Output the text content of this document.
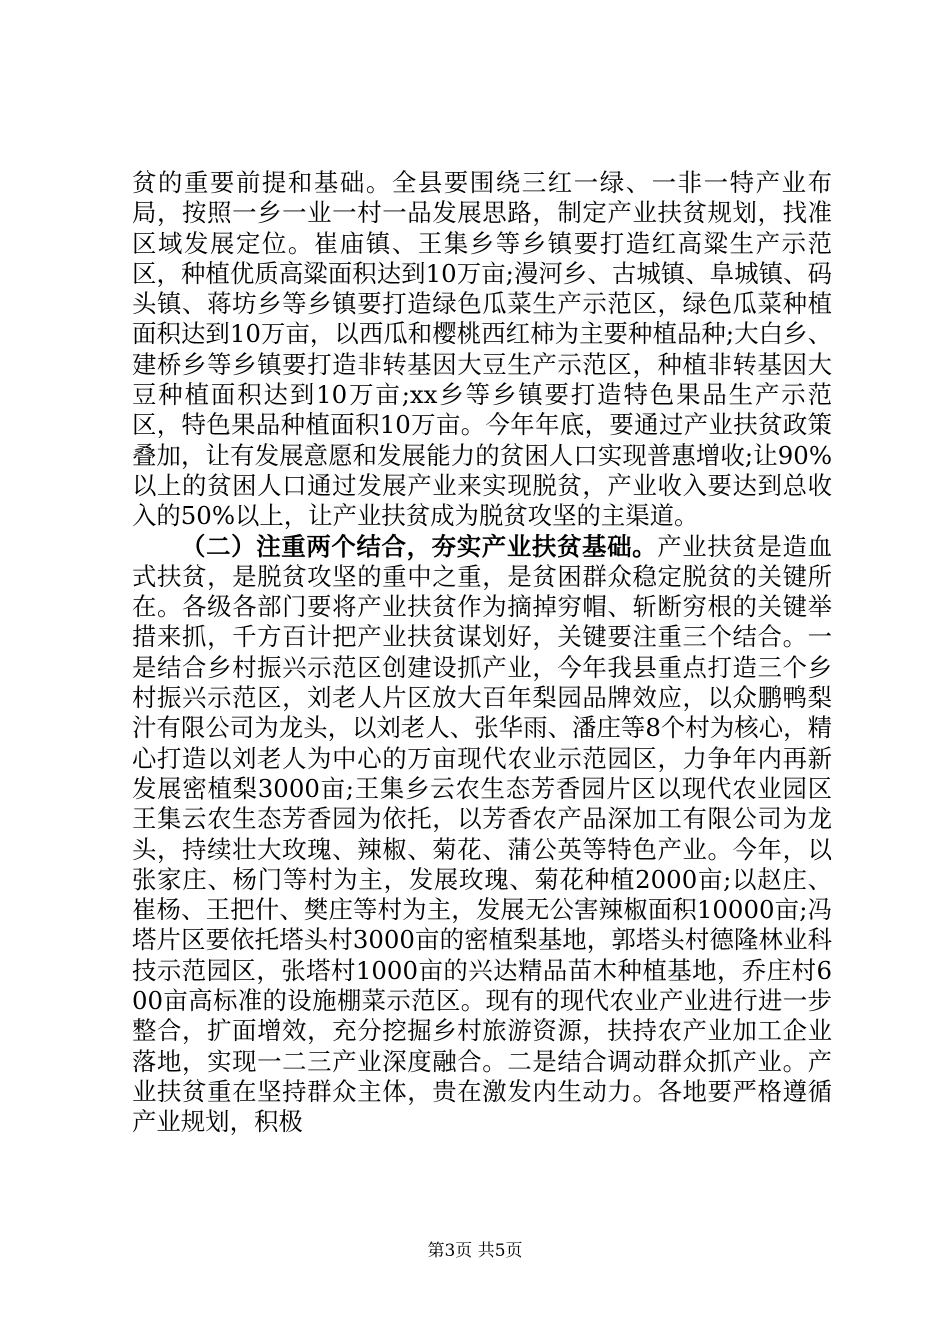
贫的重要前提和基础。全县要围绕三红一绿、一非一特产业布局，按照一乡一业一村一品发展思路，制定产业扶贫规划，找准区域发展定位。崔庙镇、王集乡等乡镇要打造红高粱生产示范区，种植优质高粱面积达到10万亩;漫河乡、古城镇、阜城镇、码头镇、蒋坊乡等乡镇要打造绿色瓜菜生产示范区，绿色瓜菜种植面积达到10万亩，以西瓜和樱桃西红柿为主要种植品种;大白乡、建桥乡等乡镇要打造非转基因大豆生产示范区，种植非转基因大豆种植面积达到10万亩;xx乡等乡镇要打造特色果品生产示范区，特色果品种植面积10万亩。今年年底，要通过产业扶贫政策叠加，让有发展意愿和发展能力的贫困人口实现普惠增收;让90%以上的贫困人口通过发展产业来实现脱贫，产业收入要达到总收入的50%以上，让产业扶贫成为脱贫攻坚的主渠道。

（二）注重两个结合，夯实产业扶贫基础。产业扶贫是造血式扶贫，是脱贫攻坚的重中之重，是贫困群众稳定脱贫的关键所在。各级各部门要将产业扶贫作为摘掉穷帽、斩断穷根的关键举措来抓，千方百计把产业扶贫谋划好，关键要注重三个结合。一是结合乡村振兴示范区创建设抓产业，今年我县重点打造三个乡村振兴示范区，刘老人片区放大百年梨园品牌效应，以众鹏鸭梨汁有限公司为龙头，以刘老人、张华雨、潘庄等8个村为核心，精心打造以刘老人为中心的万亩现代农业示范园区，力争年内再新发展密植梨3000亩;王集乡云农生态芳香园片区以现代农业园区王集云农生态芳香园为依托，以芳香农产品深加工有限公司为龙头，持续壮大玫瑰、辣椒、菊花、蒲公英等特色产业。今年，以张家庄、杨门等村为主，发展玫瑰、菊花种植2000亩;以赵庄、崔杨、王把什、樊庄等村为主，发展无公害辣椒面积10000亩;冯塔片区要依托塔头村3000亩的密植梨基地，郭塔头村德隆林业科技示范园区，张塔村1000亩的兴达精品苗木种植基地，乔庄村600亩高标准的设施棚菜示范区。现有的现代农业产业进行进一步整合，扩面增效，充分挖掘乡村旅游资源，扶持农产业加工企业落地，实现一二三产业深度融合。二是结合调动群众抓产业。产业扶贫重在坚持群众主体，贵在激发内生动力。各地要严格遵循产业规划，积极

第3页 共5页
